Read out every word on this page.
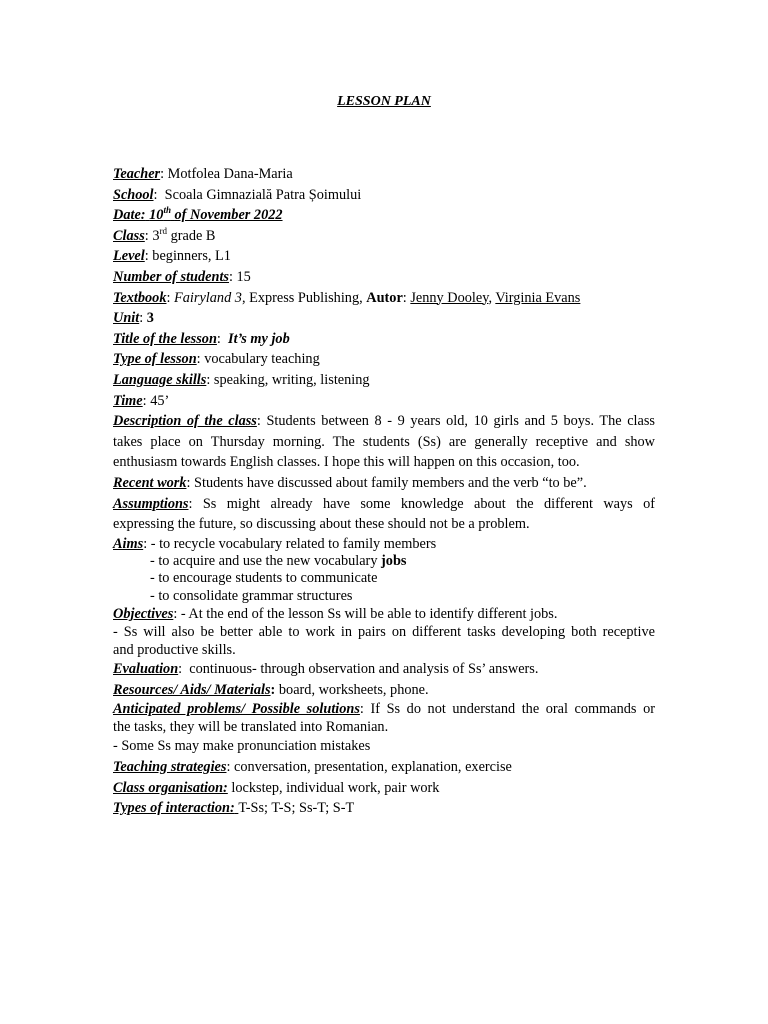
LESSON PLAN
Teacher: Motfolea Dana-Maria
School:  Scoala Gimnazială Patra Șoimului
Date: 10th of November 2022
Class: 3rd grade B
Level: beginners, L1
Number of students: 15
Textbook: Fairyland 3, Express Publishing, Autor: Jenny Dooley, Virginia Evans
Unit: 3
Title of the lesson:  It’s my job
Type of lesson: vocabulary teaching
Language skills: speaking, writing, listening
Time: 45’
Description of the class: Students between 8 - 9 years old, 10 girls and 5 boys. The class
takes place on Thursday morning. The students (Ss) are generally receptive and show
enthusiasm towards English classes. I hope this will happen on this occasion, too.
Recent work: Students have discussed about family members and the verb “to be”.
Assumptions: Ss might already have some knowledge about the different ways of
expressing the future, so discussing about these should not be a problem.
Aims: - to recycle vocabulary related to family members
- to acquire and use the new vocabulary jobs
- to encourage students to communicate
- to consolidate grammar structures
Objectives: - At the end of the lesson Ss will be able to identify different jobs.
- Ss will also be better able to work in pairs on different tasks developing both receptive
and productive skills.
Evaluation:  continuous- through observation and analysis of Ss’ answers.
Resources/ Aids/ Materials: board, worksheets, phone.
Anticipated problems/ Possible solutions: If Ss do not understand the oral commands or
the tasks, they will be translated into Romanian.
- Some Ss may make pronunciation mistakes
Teaching strategies: conversation, presentation, explanation, exercise
Class organisation: lockstep, individual work, pair work
Types of interaction: T-Ss; T-S; Ss-T; S-T
